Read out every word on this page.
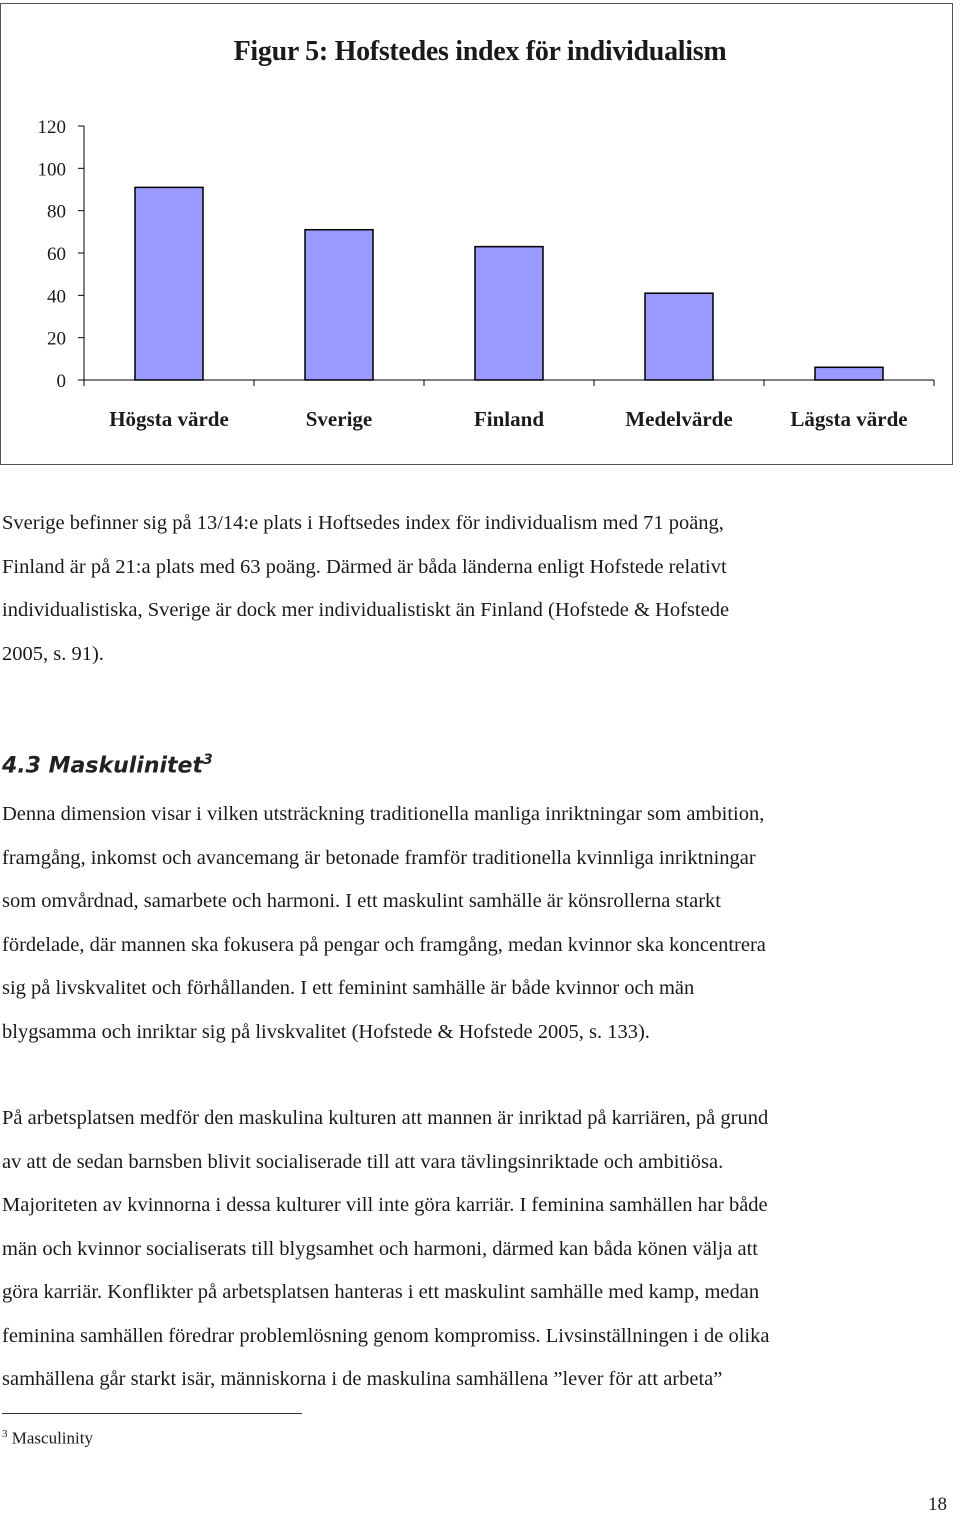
Figur 5: Hofstedes index för individualism
0
20
40
60
80
100
120
Högsta värde	Sverige	Finland	Medelvärde	Lägsta värde
Sverige befinner sig på 13/14:e plats i Hoftsedes index för individualism med 71 poäng,
Finland är på 21:a plats med 63 poäng. Därmed är båda länderna enligt Hofstede relativt
individualistiska, Sverige är dock mer individualistiskt än Finland (Hofstede & Hofstede
2005, s. 91).
4.3 Maskulinitet$^3$
Denna dimension visar i vilken utsträckning traditionella manliga inriktningar som ambition,
framgång, inkomst och avancemang är betonade framför traditionella kvinnliga inriktningar
som omvårdnad, samarbete och harmoni. I ett maskulint samhälle är könsrollerna starkt
fördelade, där mannen ska fokusera på pengar och framgång, medan kvinnor ska koncentrera
sig på livskvalitet och förhållanden. I ett feminint samhälle är både kvinnor och män
blygsamma och inriktar sig på livskvalitet (Hofstede & Hofstede 2005, s. 133).
På arbetsplatsen medför den maskulina kulturen att mannen är inriktad på karriären, på grund
av att de sedan barnsben blivit socialiserade till att vara tävlingsinriktade och ambitiösa.
Majoriteten av kvinnorna i dessa kulturer vill inte göra karriär. I feminina samhällen har både
män och kvinnor socialiserats till blygsamhet och harmoni, därmed kan båda könen välja att
göra karriär. Konflikter på arbetsplatsen hanteras i ett maskulint samhälle med kamp, medan
feminina samhällen föredrar problemlösning genom kompromiss. Livsinställningen i de olika
samhällena går starkt isär, människorna i de maskulina samhällena ”lever för att arbeta”

$^3$ Masculinity

18
